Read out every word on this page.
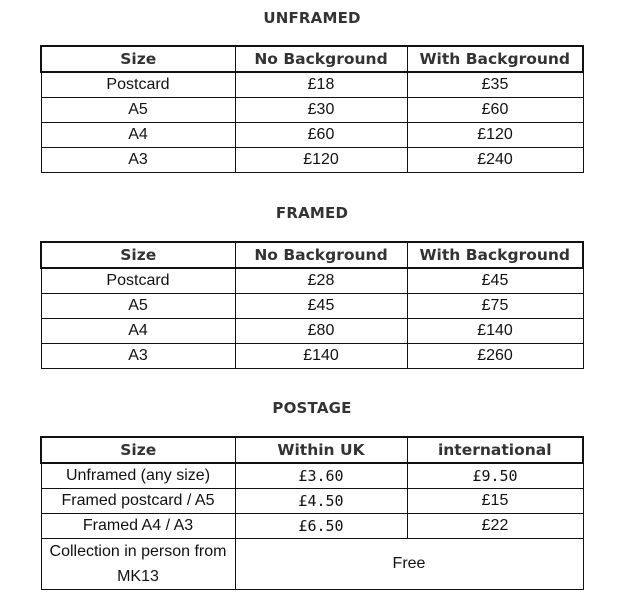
UNFRAMED
Size	No Background	With Background
Postcard	£18	£35
A5	£30	£60
A4	£60	£120
A3	£120	£240
FRAMED
Size	No Background	With Background
Postcard	£28	£45
A5	£45	£75
A4	£80	£140
A3	£140	£260
POSTAGE
Size	Within UK	international
Unframed (any size)	£3.60	£9.50
Framed postcard / A5	£4.50	£15
Framed A4 / A3	£6.50	£22
Collection in person from MK13	Free	
